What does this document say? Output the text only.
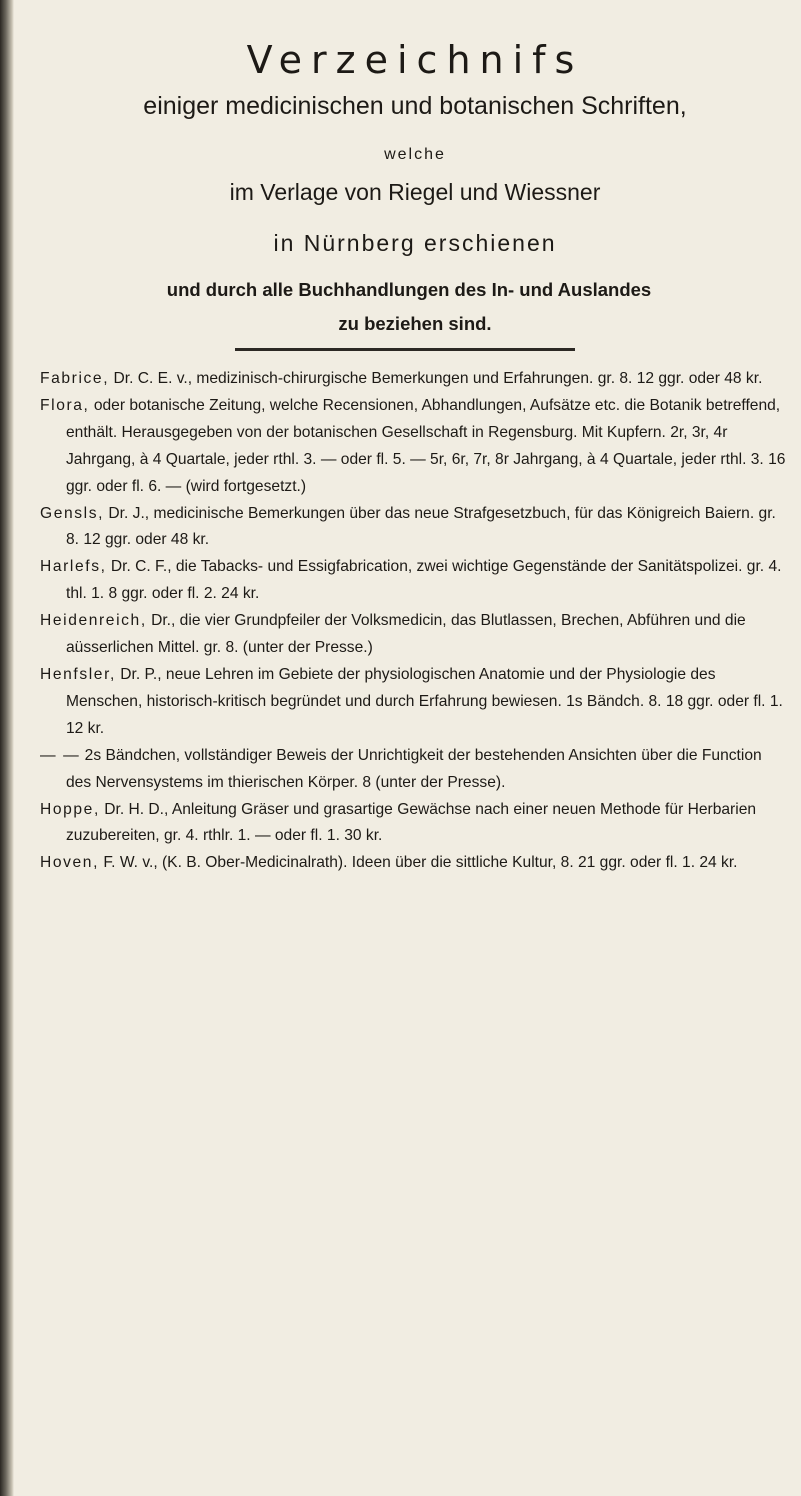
Verzeichnifs
einiger medicinischen und botanischen Schriften,
welche
im Verlage von Riegel und Wiessner
in Nürnberg erschienen
und durch alle Buchhandlungen des In- und Auslandes
zu beziehen sind.

Fabrice, Dr. C. E. v., medizinisch-chirurgische Bemerkungen und Erfahrungen. gr. 8. 12 ggr. oder 48 kr.

Flora, oder botanische Zeitung, welche Recensionen, Abhandlungen, Aufsätze etc. die Botanik betreffend, enthält. Herausgegeben von der botanischen Gesellschaft in Regensburg. Mit Kupfern. 2r, 3r, 4r Jahrgang, à 4 Quartale, jeder rthl. 3. — oder fl. 5. — 5r, 6r, 7r, 8r Jahrgang, à 4 Quartale, jeder rthl. 3. 16 ggr. oder fl. 6. — (wird fortgesetzt.)

Gensls, Dr. J., medicinische Bemerkungen über das neue Strafgesetzbuch, für das Königreich Baiern. gr. 8. 12 ggr. oder 48 kr.

Harlefs, Dr. C. F., die Tabacks- und Essigfabrication, zwei wichtige Gegenstände der Sanitätspolizei. gr. 4. thl. 1. 8 ggr. oder fl. 2. 24 kr.

Heidenreich, Dr., die vier Grundpfeiler der Volksmedicin, das Blutlassen, Brechen, Abführen und die aüsserlichen Mittel. gr. 8. (unter der Presse.)

Henfsler, Dr. P., neue Lehren im Gebiete der physiologischen Anatomie und der Physiologie des Menschen, historisch-kritisch begründet und durch Erfahrung bewiesen. 1s Bändch. 8. 18 ggr. oder fl. 1. 12 kr.

— — 2s Bändchen, vollständiger Beweis der Unrichtigkeit der bestehenden Ansichten über die Function des Nervensystems im thierischen Körper. 8 (unter der Presse).

Hoppe, Dr. H. D., Anleitung Gräser und grasartige Gewächse nach einer neuen Methode für Herbarien zuzubereiten, gr. 4. rthlr. 1. — oder fl. 1. 30 kr.

Hoven, F. W. v., (K. B. Ober-Medicinalrath). Ideen über die sittliche Kultur, 8. 21 ggr. oder fl. 1. 24 kr.
